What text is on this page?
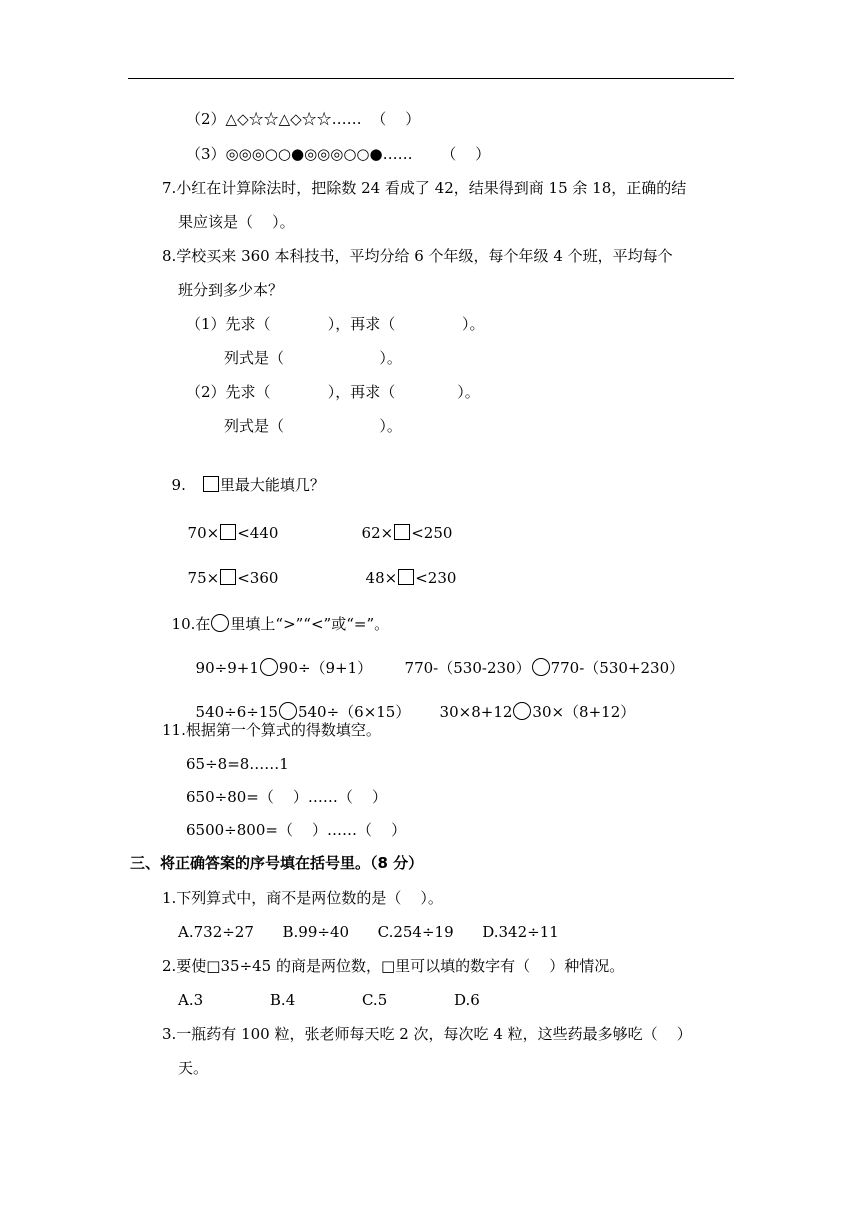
（2）△◇☆☆△◇☆☆……  （    ）
（3）◎◎◎○○●◎◎◎○○●……      （    ）
7.小红在计算除法时，把除数 24 看成了 42，结果得到商 15 余 18，正确的结
果应该是（    ）。
8.学校买来 360 本科技书，平均分给 6 个年级，每个年级 4 个班，平均每个
班分到多少本？
（1）先求（            ），再求（              ）。
列式是（                    ）。
（2）先求（            ），再求（             ）。
列式是（                    ）。

9. 里最大能填几？

70× <440	62× <250

75× <360	48× <230

10.在 里填上“>”“<”或“=”。

90÷9+1 90÷（9+1）	770-（530-230） 770-（530+230）

540÷6÷15 540÷（6×15）	30×8+12 30×（8+12）

11.根据第一个算式的得数填空。
65÷8=8……1
650÷80=（    ）……（    ）
6500÷800=（    ）……（    ）
三、将正确答案的序号填在括号里。（8 分）
1.下列算式中，商不是两位数的是（    ）。
A.732÷27      B.99÷40      C.254÷19      D.342÷11
2.要使□35÷45 的商是两位数，□里可以填的数字有（    ）种情况。
A.3              B.4              C.5              D.6
3.一瓶药有 100 粒，张老师每天吃 2 次，每次吃 4 粒，这些药最多够吃（    ）
天。
